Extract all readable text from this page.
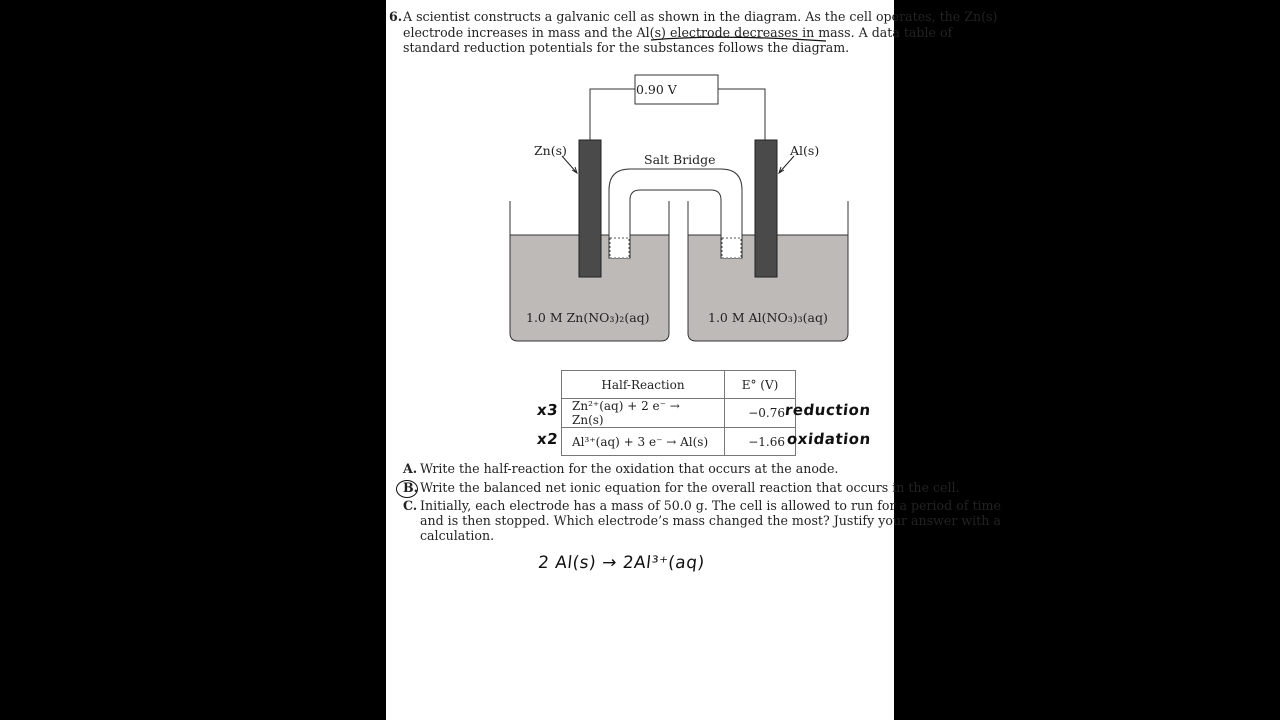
6. A scientist constructs a galvanic cell as shown in the diagram. As the cell operates, the Zn(s)
electrode increases in mass and the Al(s) electrode decreases in mass. A data table of
standard reduction potentials for the substances follows the diagram.
0.90 V
Zn(s)	Al(s)
Salt Bridge
1.0 M Zn(NO₃)₂(aq)	1.0 M Al(NO₃)₃(aq)
Half-Reaction	E° (V)
Zn²⁺(aq) + 2 e⁻ → Zn(s)	−0.76
Al³⁺(aq) + 3 e⁻ → Al(s)	−1.66
x3
x2
reduction
oxidation
A. Write the half-reaction for the oxidation that occurs at the anode.
B. Write the balanced net ionic equation for the overall reaction that occurs in the cell.
C. Initially, each electrode has a mass of 50.0 g. The cell is allowed to run for a period of time
and is then stopped. Which electrode’s mass changed the most? Justify your answer with a
calculation.
2 Al(s) → 2Al³⁺(aq)
